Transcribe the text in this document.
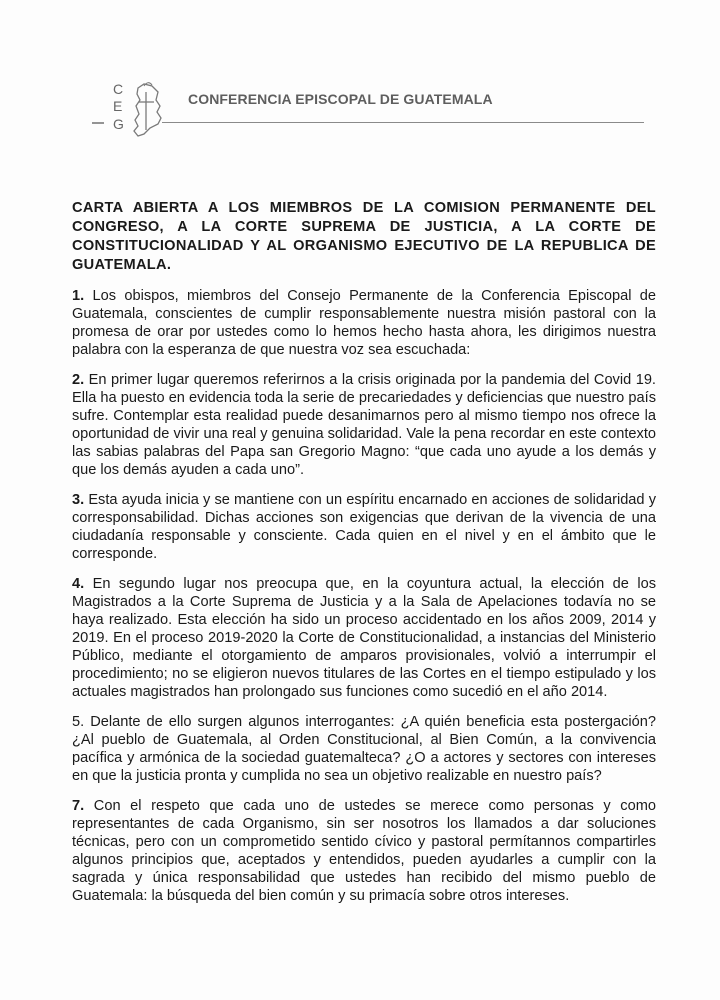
C
E
G
CONFERENCIA EPISCOPAL DE GUATEMALA

CARTA ABIERTA A LOS MIEMBROS DE LA COMISION PERMANENTE DEL CONGRESO, A LA CORTE SUPREMA DE JUSTICIA, A LA CORTE DE CONSTITUCIONALIDAD Y AL ORGANISMO EJECUTIVO DE LA REPUBLICA DE GUATEMALA.

1. Los obispos, miembros del Consejo Permanente de la Conferencia Episcopal de Guatemala, conscientes de cumplir responsablemente nuestra misión pastoral con la promesa de orar por ustedes como lo hemos hecho hasta ahora, les dirigimos nuestra palabra con la esperanza de que nuestra voz sea escuchada:

2. En primer lugar queremos referirnos a la crisis originada por la pandemia del Covid 19. Ella ha puesto en evidencia toda la serie de precariedades y deficiencias que nuestro país sufre. Contemplar esta realidad puede desanimarnos pero al mismo tiempo nos ofrece la oportunidad de vivir una real y genuina solidaridad. Vale la pena recordar en este contexto las sabias palabras del Papa san Gregorio Magno: “que cada uno ayude a los demás y que los demás ayuden a cada uno”.

3. Esta ayuda inicia y se mantiene con un espíritu encarnado en acciones de solidaridad y corresponsabilidad. Dichas acciones son exigencias que derivan de la vivencia de una ciudadanía responsable y consciente. Cada quien en el nivel y en el ámbito que le corresponde.

4. En segundo lugar nos preocupa que, en la coyuntura actual, la elección de los Magistrados a la Corte Suprema de Justicia y a la Sala de Apelaciones todavía no se haya realizado. Esta elección ha sido un proceso accidentado en los años 2009, 2014 y 2019. En el proceso 2019-2020 la Corte de Constitucionalidad, a instancias del Ministerio Público, mediante el otorgamiento de amparos provisionales, volvió a interrumpir el procedimiento; no se eligieron nuevos titulares de las Cortes en el tiempo estipulado y los actuales magistrados han prolongado sus funciones como sucedió en el año 2014.

5. Delante de ello surgen algunos interrogantes: ¿A quién beneficia esta postergación? ¿Al pueblo de Guatemala, al Orden Constitucional, al Bien Común, a la convivencia pacífica y armónica de la sociedad guatemalteca? ¿O a actores y sectores con intereses en que la justicia pronta y cumplida no sea un objetivo realizable en nuestro país?

7. Con el respeto que cada uno de ustedes se merece como personas y como representantes de cada Organismo, sin ser nosotros los llamados a dar soluciones técnicas, pero con un comprometido sentido cívico y pastoral permítannos compartirles algunos principios que, aceptados y entendidos, pueden ayudarles a cumplir con la sagrada y única responsabilidad que ustedes han recibido del mismo pueblo de Guatemala: la búsqueda del bien común y su primacía sobre otros intereses.
